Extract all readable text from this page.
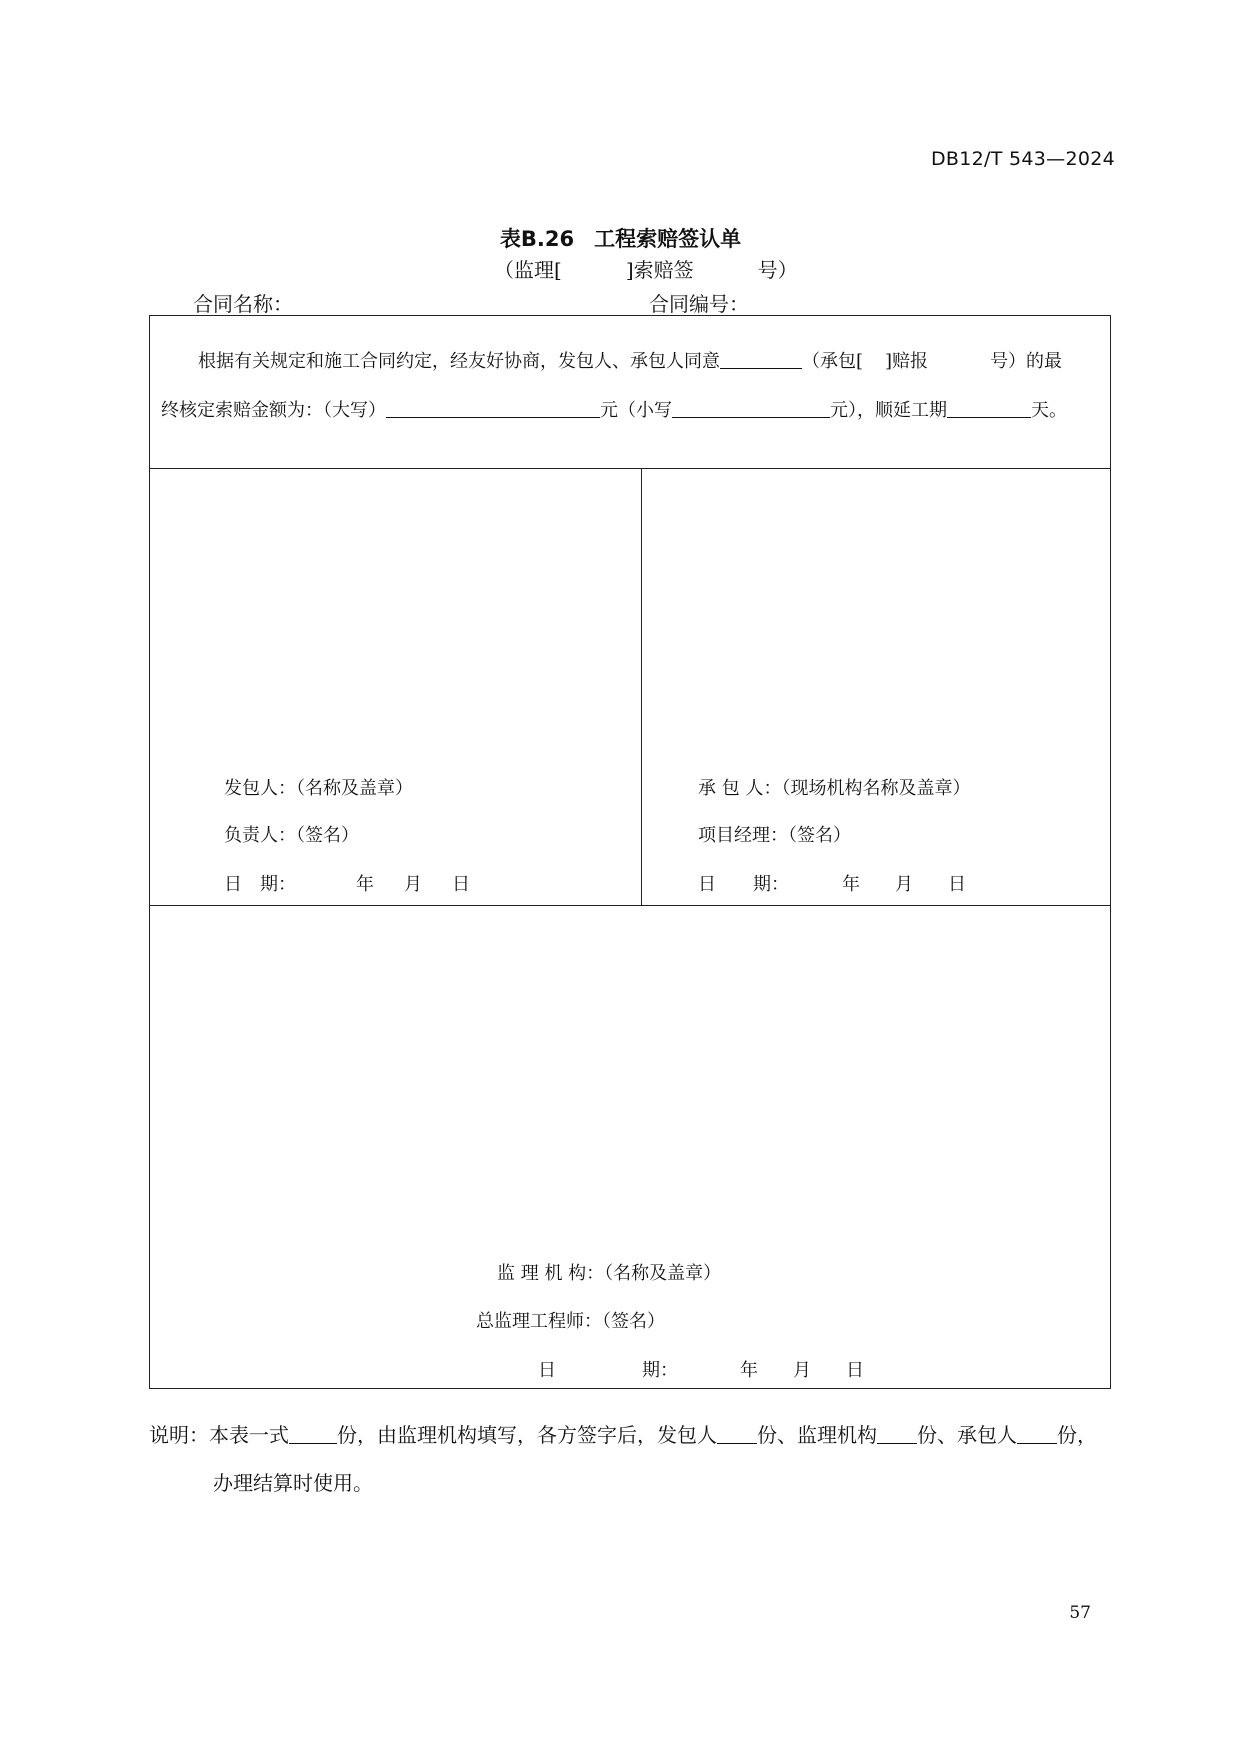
DB12/T 543—2024
表B.26 工程索赔签认单
（监理[	]索赔签	号）
合同名称：	合同编号：
根据有关规定和施工合同约定，经友好协商，发包人、承包人同意	（承包[ ]赔报	号）的最
终核定索赔金额为：（大写）	元（小写	元），顺延工期	天。
发包人：（名称及盖章）
负责人：（签名）
日　期：	年 月 日
承 包 人：（现场机构名称及盖章）
项目经理：（签名）
日 期：	年 月 日
监 理 机 构：（名称及盖章）
总监理工程师：（签名）
日	期：	年 月 日
说明：本表一式 份，由监理机构填写，各方签字后，发包人 份、监理机构 份、承包人 份，
办理结算时使用。
57
